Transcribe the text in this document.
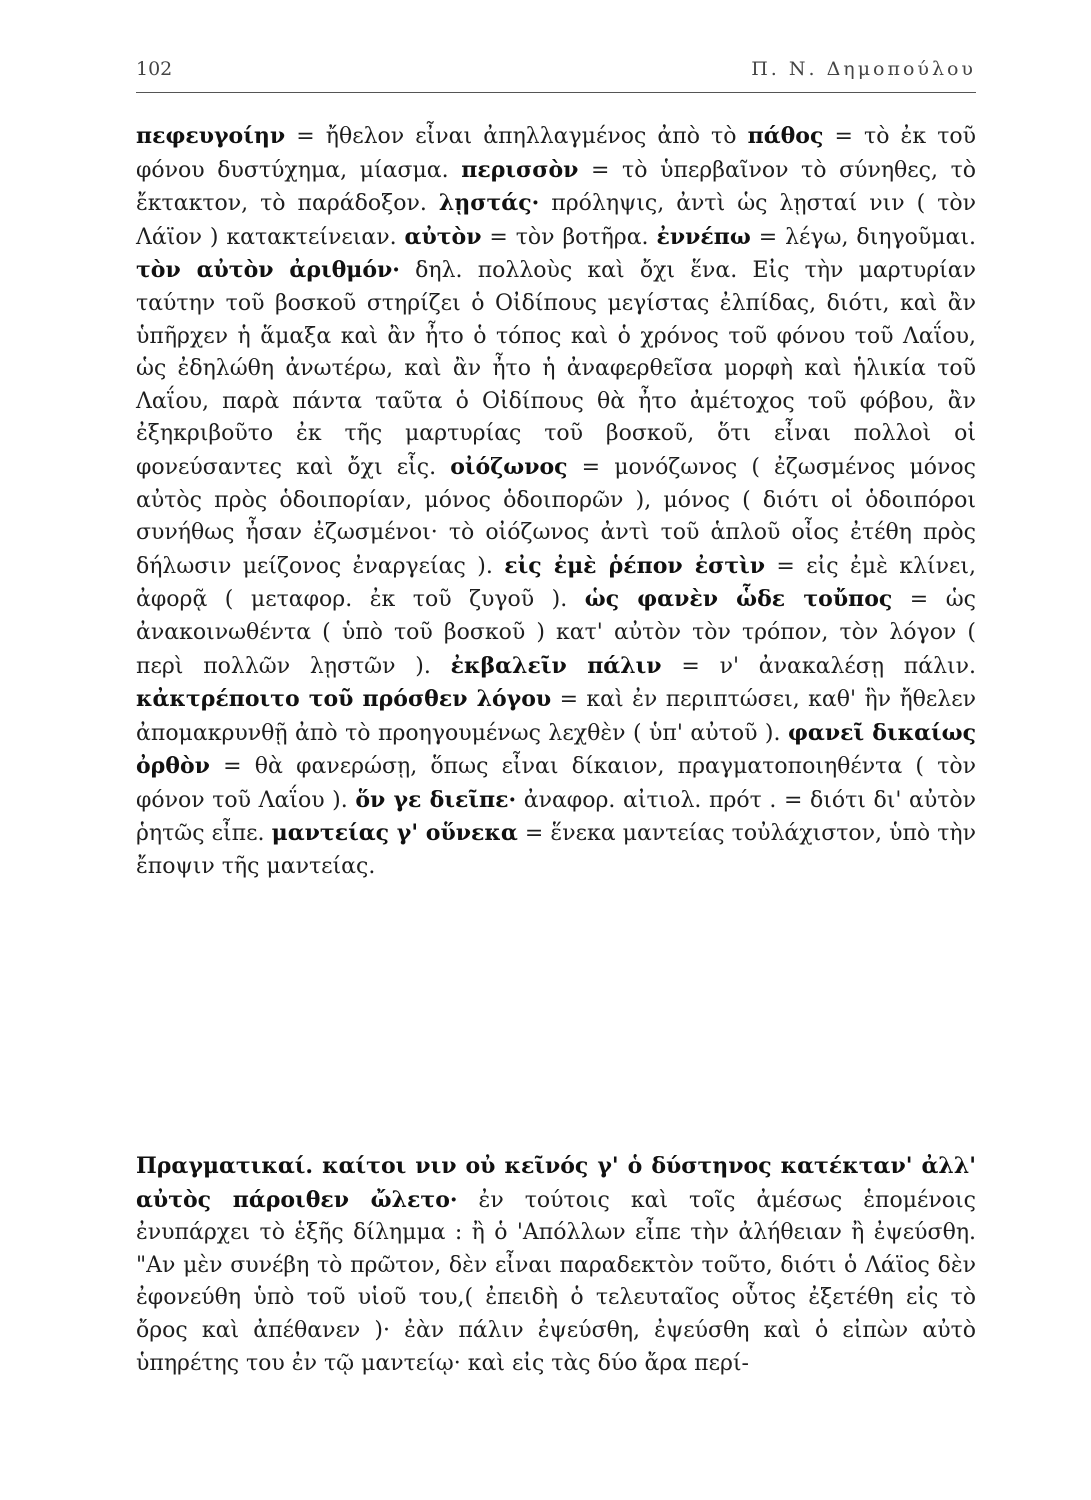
102	Π. Ν. Δημοπούλου

πεφευγοίην = ἤθελον εἶναι ἀπηλλαγμένος ἀπὸ τὸ πάθος = τὸ ἐκ τοῦ φόνου δυστύχημα, μίασμα. περισσὸν = τὸ ὑπερβαῖνον τὸ σύνηθες, τὸ ἔκτακτον, τὸ παράδοξον. λῃστάς· πρόληψις, ἀντὶ ὡς λῃσταί νιν ( τὸν Λάϊον ) κατακτείνειαν. αὐτὸν = τὸν βοτῆρα. ἐννέπω = λέγω, διηγοῦμαι. τὸν αὐτὸν ἀριθμόν· δηλ. πολλοὺς καὶ ὄχι ἕνα. Εἰς τὴν μαρτυρίαν ταύτην τοῦ βοσκοῦ στηρίζει ὁ Οἰδίπους μεγίστας ἐλπίδας, διότι, καὶ ἂν ὑπῆρχεν ἡ ἅμαξα καὶ ἂν ἦτο ὁ τόπος καὶ ὁ χρόνος τοῦ φόνου τοῦ Λαΐου, ὡς ἐδηλώθη ἀνωτέρω, καὶ ἂν ἦτο ἡ ἀναφερθεῖσα μορφὴ καὶ ἡλικία τοῦ Λαΐου, παρὰ πάντα ταῦτα ὁ Οἰδίπους θὰ ἦτο ἀμέτοχος τοῦ φόβου, ἂν ἐξηκριβοῦτο ἐκ τῆς μαρτυρίας τοῦ βοσκοῦ, ὅτι εἶναι πολλοὶ οἱ φονεύσαντες καὶ ὄχι εἷς. οἰόζωνος = μονόζωνος ( ἐζωσμένος μόνος αὐτὸς πρὸς ὁδοιπορίαν, μόνος ὁδοιπορῶν ), μόνος ( διότι οἱ ὁδοιπόροι συνήθως ἦσαν ἐζωσμένοι· τὸ οἰόζωνος ἀντὶ τοῦ ἁπλοῦ οἶος ἐτέθη πρὸς δήλωσιν μείζονος ἐναργείας ). εἰς ἐμὲ ῥέπον ἐστὶν = εἰς ἐμὲ κλίνει, ἀφορᾷ ( μεταφορ. ἐκ τοῦ ζυγοῦ ). ὡς φανὲν ὧδε τοὔπος = ὡς ἀνακοινωθέντα ( ὑπὸ τοῦ βοσκοῦ ) κατ' αὐτὸν τὸν τρόπον, τὸν λόγον ( περὶ πολλῶν λῃστῶν ). ἐκβαλεῖν πάλιν = ν' ἀνακαλέσῃ πάλιν. κἀκτρέποιτο τοῦ πρόσθεν λόγου = καὶ ἐν περιπτώσει, καθ' ἣν ἤθελεν ἀπομακρυνθῇ ἀπὸ τὸ προηγουμένως λεχθὲν ( ὑπ' αὐτοῦ ). φανεῖ δικαίως ὀρθὸν = θὰ φανερώσῃ, ὅπως εἶναι δίκαιον, πραγματοποιηθέντα ( τὸν φόνον τοῦ Λαΐου ). ὅν γε διεῖπε· ἀναφορ. αἰτιολ. πρότ . = διότι δι' αὐτὸν ῥητῶς εἶπε. μαντείας γ' οὕνεκα = ἕνεκα μαντείας τοὐλάχιστον, ὑπὸ τὴν ἔποψιν τῆς μαντείας.

Πραγματικαί. καίτοι νιν οὐ κεῖνός γ' ὁ δύστηνος κατέκταν' ἀλλ' αὐτὸς πάροιθεν ὤλετο· ἐν τούτοις καὶ τοῖς ἀμέσως ἑπομένοις ἐνυπάρχει τὸ ἑξῆς δίλημμα : ἢ ὁ 'Απόλλων εἶπε τὴν ἀλήθειαν ἢ ἐψεύσθη. "Αν μὲν συνέβη τὸ πρῶτον, δὲν εἶναι παραδεκτὸν τοῦτο, διότι ὁ Λάϊος δὲν ἐφονεύθη ὑπὸ τοῦ υἱοῦ του,( ἐπειδὴ ὁ τελευταῖος οὗτος ἐξετέθη εἰς τὸ ὄρος καὶ ἀπέθανεν )· ἐὰν πάλιν ἐψεύσθη, ἐψεύσθη καὶ ὁ εἰπὼν αὐτὸ ὑπηρέτης του ἐν τῷ μαντείῳ· καὶ εἰς τὰς δύο ἄρα περί-
